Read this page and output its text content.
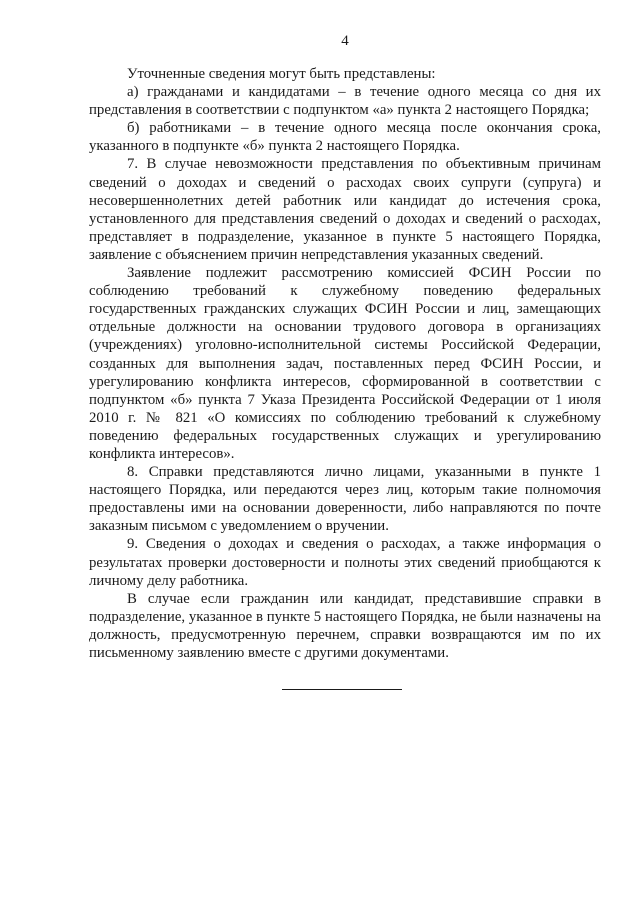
4

Уточненные сведения могут быть представлены:

а) гражданами и кандидатами – в течение одного месяца со дня их представления в соответствии с подпунктом «а» пункта 2 настоящего Порядка;

б) работниками – в течение одного месяца после окончания срока, указанного в подпункте «б» пункта 2 настоящего Порядка.

7. В случае невозможности представления по объективным причинам сведений о доходах и сведений о расходах своих супруги (супруга) и несовершеннолетних детей работник или кандидат до истечения срока, установленного для представления сведений о доходах и сведений о расходах, представляет в подразделение, указанное в пункте 5 настоящего Порядка, заявление с объяснением причин непредставления указанных сведений.

Заявление подлежит рассмотрению комиссией ФСИН России по соблюдению требований к служебному поведению федеральных государственных гражданских служащих ФСИН России и лиц, замещающих отдельные должности на основании трудового договора в организациях (учреждениях) уголовно-исполнительной системы Российской Федерации, созданных для выполнения задач, поставленных перед ФСИН России, и урегулированию конфликта интересов, сформированной в соответствии с подпунктом «б» пункта 7 Указа Президента Российской Федерации от 1 июля 2010 г. № 821 «О комиссиях по соблюдению требований к служебному поведению федеральных государственных служащих и урегулированию конфликта интересов».

8. Справки представляются лично лицами, указанными в пункте 1 настоящего Порядка, или передаются через лиц, которым такие полномочия предоставлены ими на основании доверенности, либо направляются по почте заказным письмом с уведомлением о вручении.

9. Сведения о доходах и сведения о расходах, а также информация о результатах проверки достоверности и полноты этих сведений приобщаются к личному делу работника.

В случае если гражданин или кандидат, представившие справки в подразделение, указанное в пункте 5 настоящего Порядка, не были назначены на должность, предусмотренную перечнем, справки возвращаются им по их письменному заявлению вместе с другими документами.
